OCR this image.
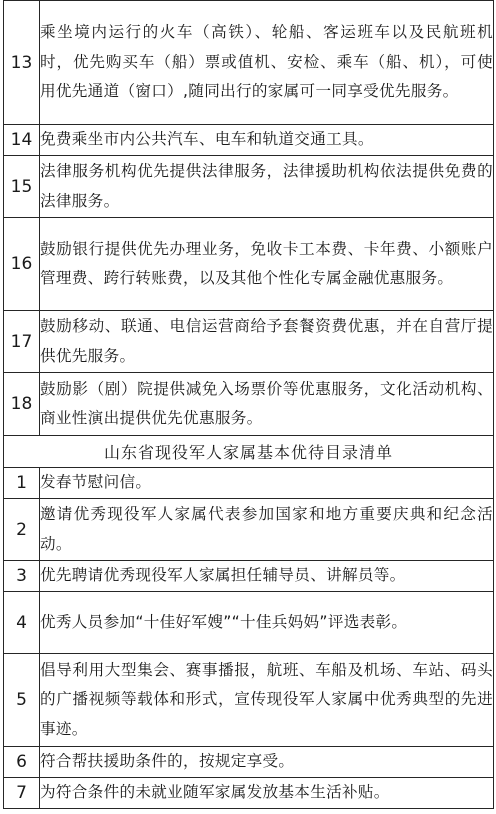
13	乘坐境内运行的火车（高铁）、轮船、客运班车以及民航班机时，优先购买车（船）票或值机、安检、乘车（船、机），可使用优先通道（窗口）,随同出行的家属可一同享受优先服务。
14	免费乘坐市内公共汽车、电车和轨道交通工具。
15	法律服务机构优先提供法律服务，法律援助机构依法提供免费的法律服务。
16	鼓励银行提供优先办理业务，免收卡工本费、卡年费、小额账户管理费、跨行转账费，以及其他个性化专属金融优惠服务。
17	鼓励移动、联通、电信运营商给予套餐资费优惠，并在自营厅提供优先服务。
18	鼓励影（剧）院提供减免入场票价等优惠服务，文化活动机构、商业性演出提供优先优惠服务。
山东省现役军人家属基本优待目录清单	
1	发春节慰问信。
2	邀请优秀现役军人家属代表参加国家和地方重要庆典和纪念活动。
3	优先聘请优秀现役军人家属担任辅导员、讲解员等。
4	优秀人员参加“十佳好军嫂”“十佳兵妈妈”评选表彰。
5	倡导利用大型集会、赛事播报，航班、车船及机场、车站、码头的广播视频等载体和形式，宣传现役军人家属中优秀典型的先进事迹。
6	符合帮扶援助条件的，按规定享受。
7	为符合条件的未就业随军家属发放基本生活补贴。
